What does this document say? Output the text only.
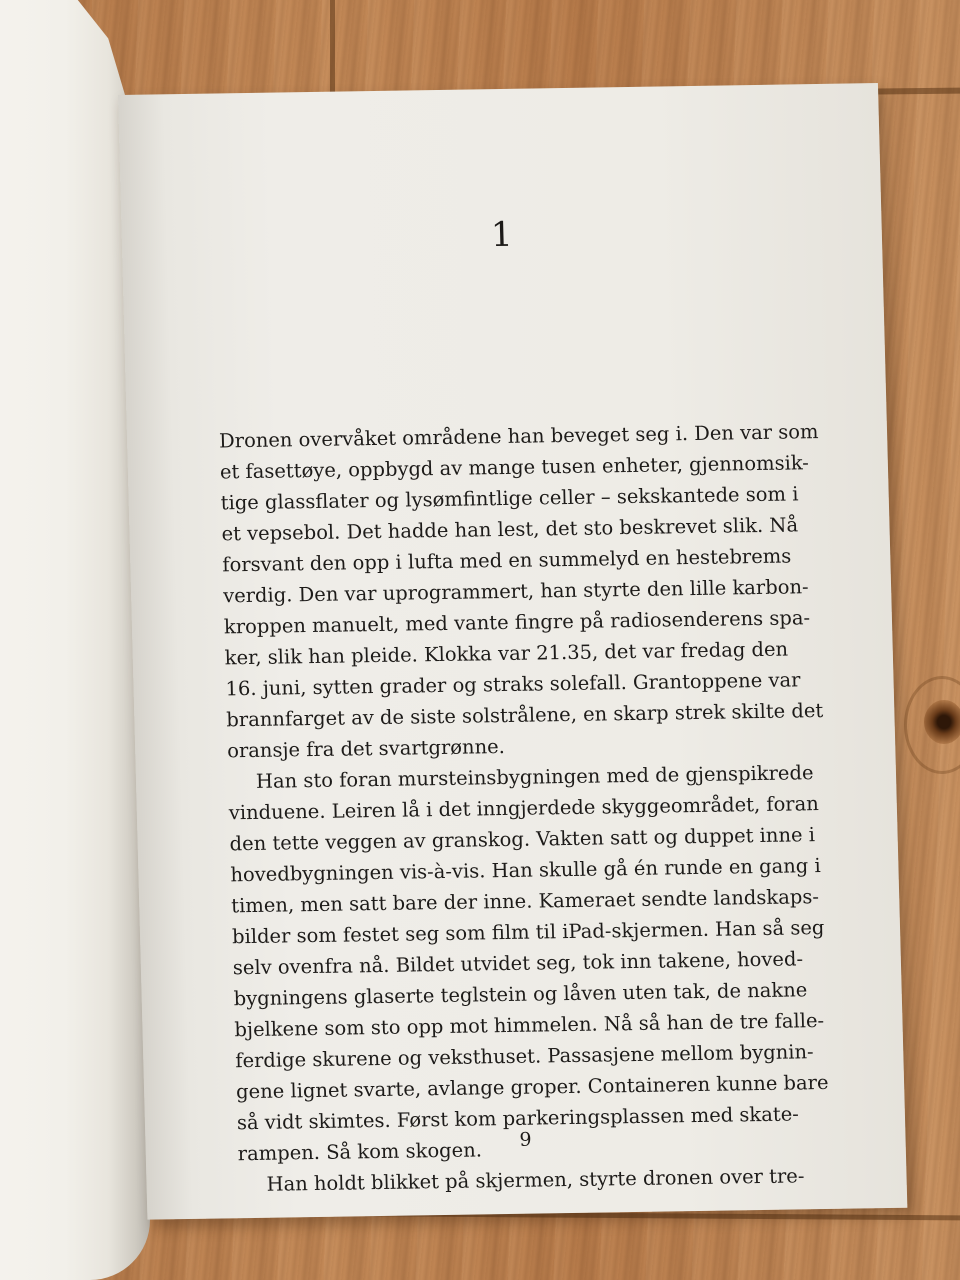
1
Dronen overvåket områdene han beveget seg i. Den var som
et fasettøye, oppbygd av mange tusen enheter, gjennomsik-
tige glassflater og lysømfintlige celler – sekskantede som i
et vepsebol. Det hadde han lest, det sto beskrevet slik. Nå
forsvant den opp i lufta med en summelyd en hestebrems
verdig. Den var uprogrammert, han styrte den lille karbon-
kroppen manuelt, med vante fingre på radiosenderens spa-
ker, slik han pleide. Klokka var 21.35, det var fredag den
16. juni, sytten grader og straks solefall. Grantoppene var
brannfarget av de siste solstrålene, en skarp strek skilte det
oransje fra det svartgrønne.
Han sto foran mursteinsbygningen med de gjenspikrede
vinduene. Leiren lå i det inngjerdede skyggeområdet, foran
den tette veggen av granskog. Vakten satt og duppet inne i
hovedbygningen vis-à-vis. Han skulle gå én runde en gang i
timen, men satt bare der inne. Kameraet sendte landskaps-
bilder som festet seg som film til iPad-skjermen. Han så seg
selv ovenfra nå. Bildet utvidet seg, tok inn takene, hoved-
bygningens glaserte teglstein og låven uten tak, de nakne
bjelkene som sto opp mot himmelen. Nå så han de tre falle-
ferdige skurene og veksthuset. Passasjene mellom bygnin-
gene lignet svarte, avlange groper. Containeren kunne bare
så vidt skimtes. Først kom parkeringsplassen med skate-
rampen. Så kom skogen.
Han holdt blikket på skjermen, styrte dronen over tre-
9
